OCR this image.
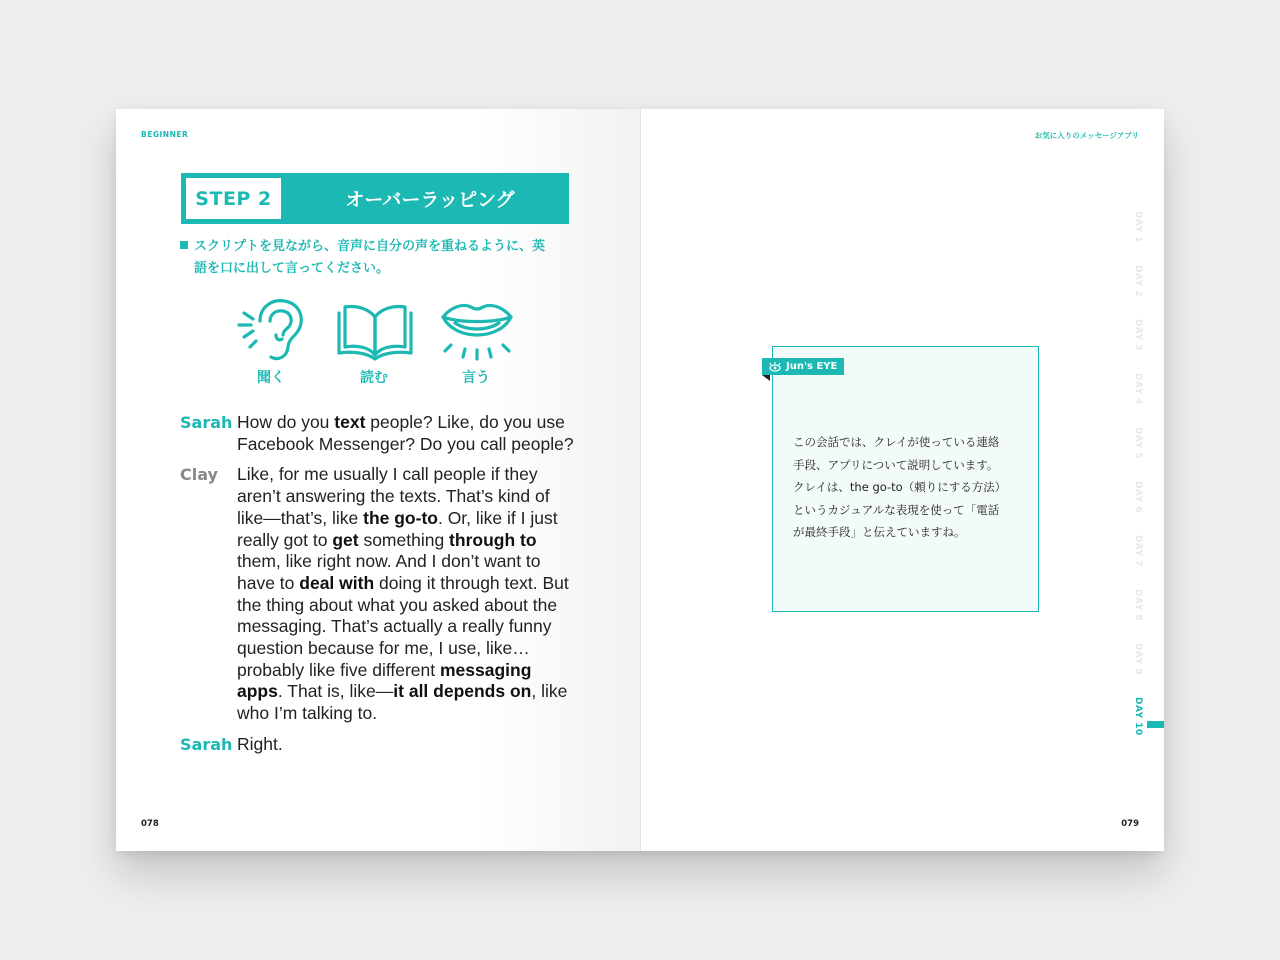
BEGINNER
STEP 2	オーバーラッピング
スクリプトを見ながら、音声に自分の声を重ねるように、英
語を口に出して言ってください。
聞く	読む	言う
Sarah How do you text people? Like, do you use Facebook Messenger? Do you call people?
Clay	Like, for me usually I call people if they aren’t answering the texts. That’s kind of like—that’s, like the go-to. Or, like if I just really got to get something through to them, like right now. And I don’t want to have to deal with doing it through text. But the thing about what you asked about the messaging. That’s actually a really funny question because for me, I use, like…probably like five different messaging apps. That is, like—it all depends on, like who I’m talking to.
Sarah Right.
078
お気に入りのメッセージアプリ
Jun's EYE
この会話では、クレイが使っている連絡
手段、アプリについて説明しています。
クレイは、the go-to（頼りにする方法）
というカジュアルな表現を使って「電話
が最終手段」と伝えていますね。
DAY 1
DAY 2
DAY 3
DAY 4
DAY 5
DAY 6
DAY 7
DAY 8
DAY 9
DAY 10
079
